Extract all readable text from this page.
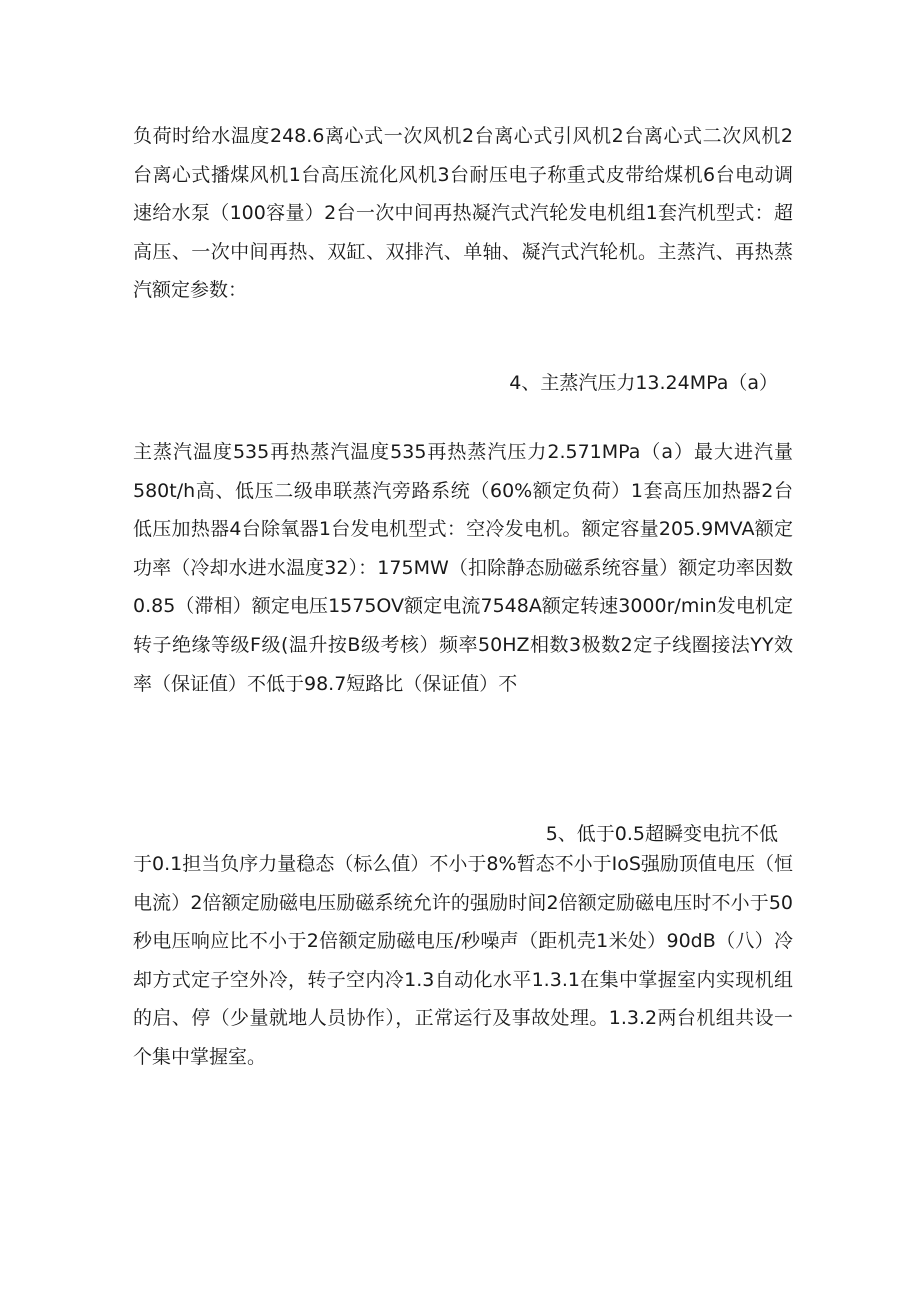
负荷时给水温度248.6离心式一次风机2台离心式引风机2台离心式二次风机2台离心式播煤风机1台高压流化风机3台耐压电子称重式皮带给煤机6台电动调速给水泵（100容量）2台一次中间再热凝汽式汽轮发电机组1套汽机型式：超高压、一次中间再热、双缸、双排汽、单轴、凝汽式汽轮机。主蒸汽、再热蒸汽额定参数：

4、主蒸汽压力13.24MPa（a）

主蒸汽温度535再热蒸汽温度535再热蒸汽压力2.571MPa（a）最大进汽量580t/h高、低压二级串联蒸汽旁路系统（60%额定负荷）1套高压加热器2台低压加热器4台除氧器1台发电机型式：空冷发电机。额定容量205.9MVA额定功率（冷却水进水温度32）：175MW（扣除静态励磁系统容量）额定功率因数0.85（滞相）额定电压1575OV额定电流7548A额定转速3000r/min发电机定转子绝缘等级F级(温升按B级考核）频率50HZ相数3极数2定子线圈接法YY效率（保证值）不低于98.7短路比（保证值）不

5、低于0.5超瞬变电抗不低

于0.1担当负序力量稳态（标么值）不小于8%暂态不小于IoS强励顶值电压（恒电流）2倍额定励磁电压励磁系统允许的强励时间2倍额定励磁电压时不小于50秒电压响应比不小于2倍额定励磁电压/秒噪声（距机壳1米处）90dB（八）冷却方式定子空外冷，转子空内冷1.3自动化水平1.3.1在集中掌握室内实现机组的启、停（少量就地人员协作），正常运行及事故处理。1.3.2两台机组共设一个集中掌握室。
